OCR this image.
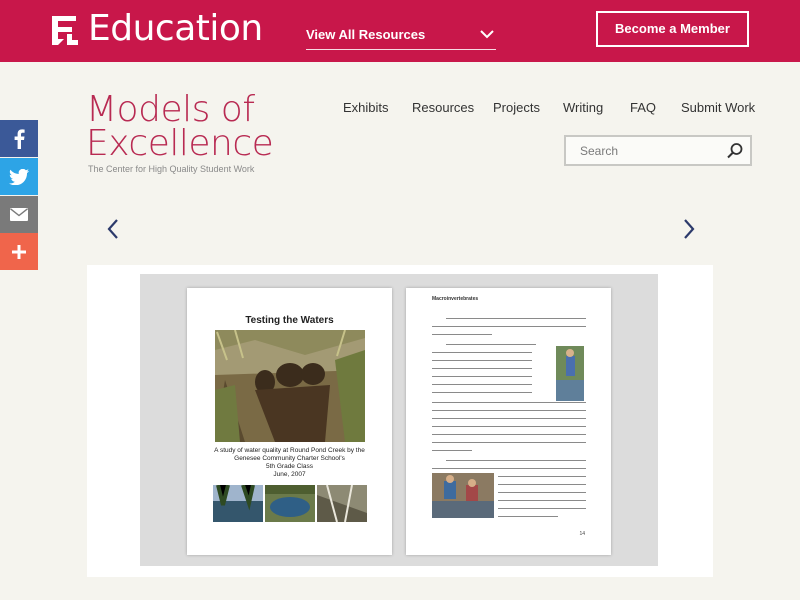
Education	View All Resources	Become a Member
Models of
Excellence
The Center for High Quality Student Work
Exhibits Resources Projects Writing FAQ Submit Work
Search
Testing the Waters
A study of water quality at Round Pond Creek by the
Genesee Community Charter School's
5th Grade Class
June, 2007
Macroinvertebrates
14
